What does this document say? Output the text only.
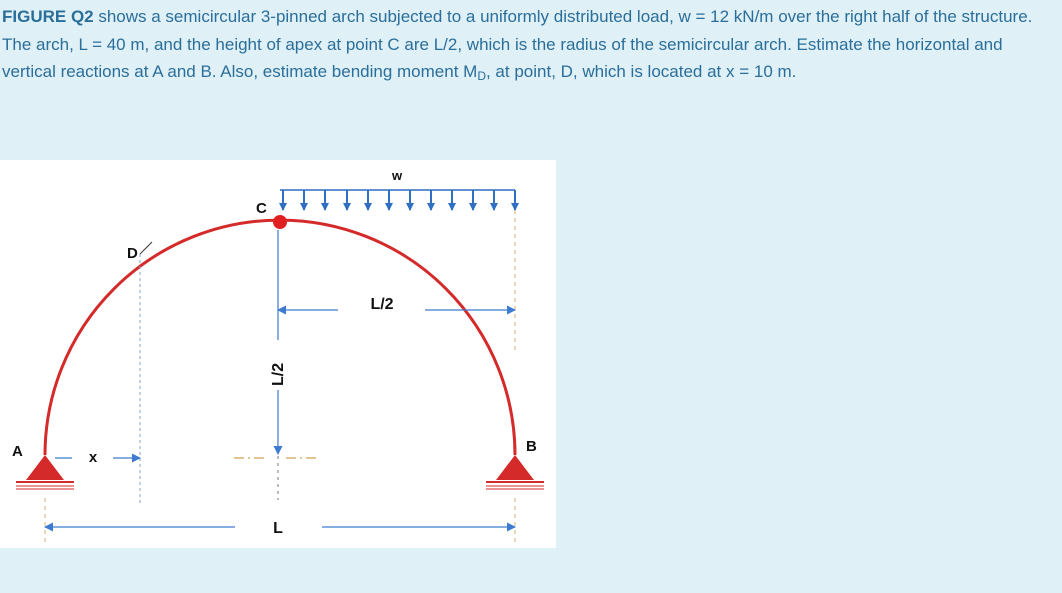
FIGURE Q2 shows a semicircular 3-pinned arch subjected to a uniformly distributed load, w = 12 kN/m over the right half of the structure. The arch, L = 40 m, and the height of apex at point C are L/2, which is the radius of the semicircular arch. Estimate the horizontal and vertical reactions at A and B. Also, estimate bending moment $M_D$, at point, D, which is located at x = 10 m.

w
C
D
L/2
L/2
x
A	B
L
